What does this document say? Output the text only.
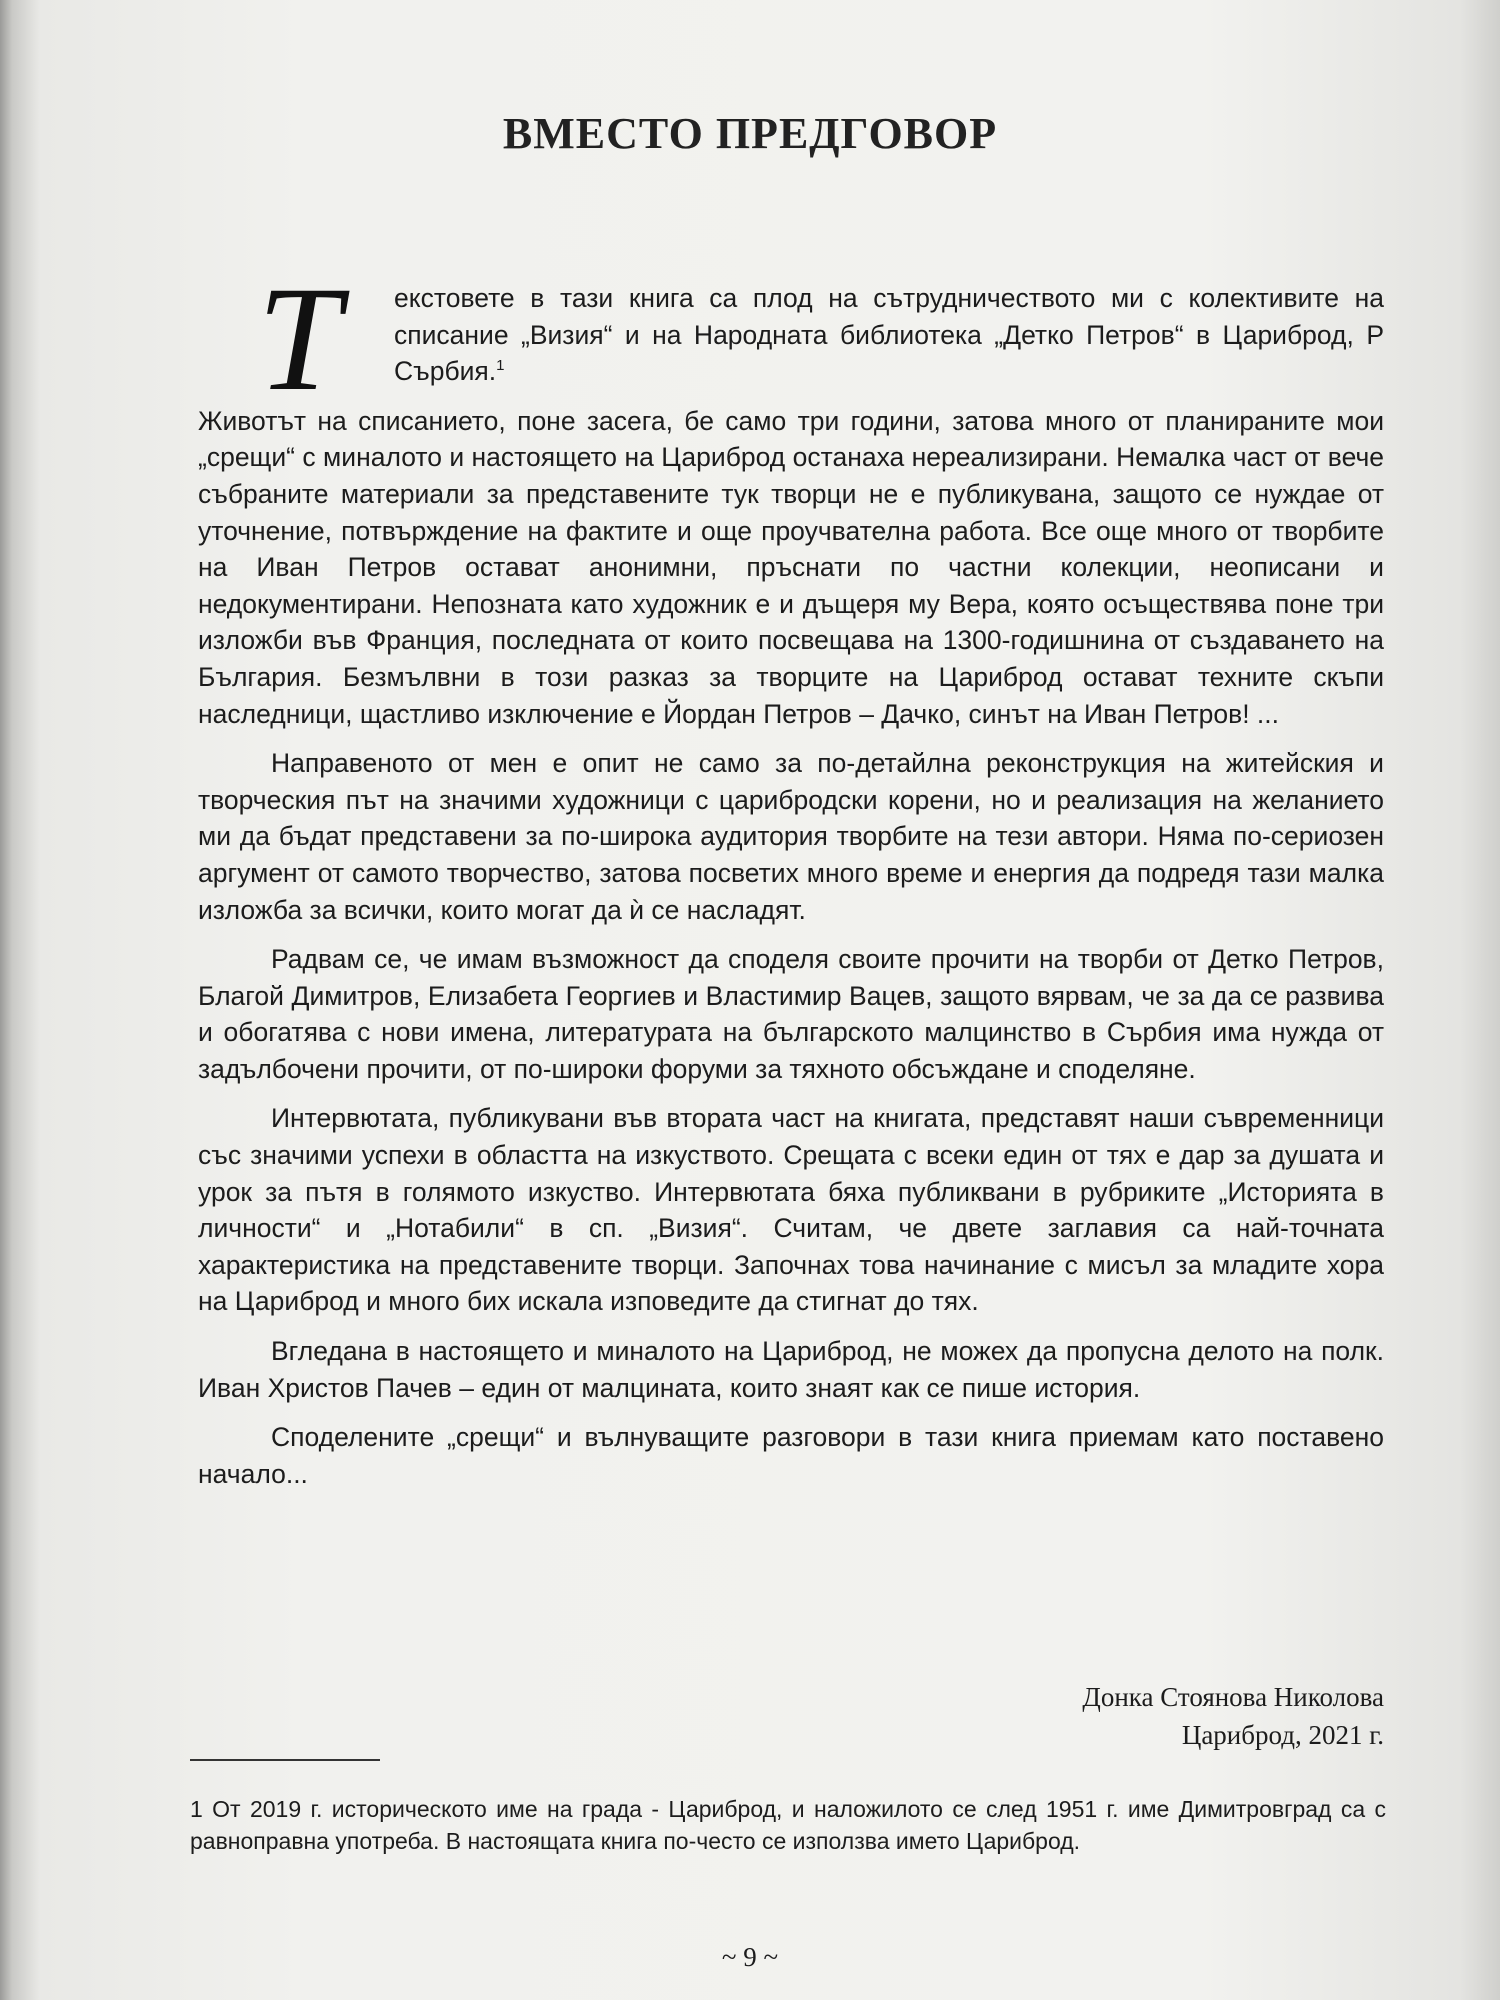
ВМЕСТО ПРЕДГОВОР

Т	екстовете в тази книга са плод на сътрудничеството ми с колективите на списание „Визия“ и на Народната библиотека „Детко Петров“ в Цариброд, Р Сърбия.$^1$

Животът на списанието, поне засега, бе само три години, затова много от планираните мои „срещи“ с миналото и настоящето на Цариброд останаха нереализирани. Немалка част от вече събраните материали за представените тук творци не е публикувана, защото се нуждае от уточнение, потвърждение на фактите и още проучвателна работа. Все още много от творбите на Иван Петров остават анонимни, пръснати по частни колекции, неописани и недокументирани. Непозната като художник е и дъщеря му Вера, която осъществява поне три изложби във Франция, последната от които посвещава на 1300-годишнина от създаването на България. Безмълвни в този разказ за творците на Цариброд остават техните скъпи наследници, щастливо изключение е Йордан Петров – Дачко, синът на Иван Петров! ...

Направеното от мен е опит не само за по-детайлна реконструкция на житейския и творческия път на значими художници с царибродски корени, но и реализация на желанието ми да бъдат представени за по-широка аудитория творбите на тези автори. Няма по-сериозен аргумент от самото творчество, затова посветих много време и енергия да подредя тази малка изложба за всички, които могат да ѝ се насладят.

Радвам се, че имам възможност да споделя своите прочити на творби от Детко Петров, Благой Димитров, Елизабета Георгиев и Властимир Вацев, защото вярвам, че за да се развива и обогатява с нови имена, литературата на българското малцинство в Сърбия има нужда от задълбочени прочити, от по-широки форуми за тяхното обсъждане и споделяне.

Интервютата, публикувани във втората част на книгата, представят наши съвременници със значими успехи в областта на изкуството. Срещата с всеки един от тях е дар за душата и урок за пътя в голямото изкуство. Интервютата бяха публиквани в рубриките „Историята в личности“ и „Нотабили“ в сп. „Визия“. Считам, че двете заглавия са най-точната характеристика на представените творци. Започнах това начинание с мисъл за младите хора на Цариброд и много бих искала изповедите да стигнат до тях.

Вгледана в настоящето и миналото на Цариброд, не можех да пропусна делото на полк. Иван Христов Пачев – един от малцината, които знаят как се пише история.

Споделените „срещи“ и вълнуващите разговори в тази книга приемам като поставено начало...

Донка Стоянова Николова
Цариброд, 2021 г.
1 От 2019 г. историческото име на града - Цариброд, и наложилото се след 1951 г. име Димитровград са с равноправна употреба. В настоящата книга по-често се използва името Цариброд.
~ 9 ~
